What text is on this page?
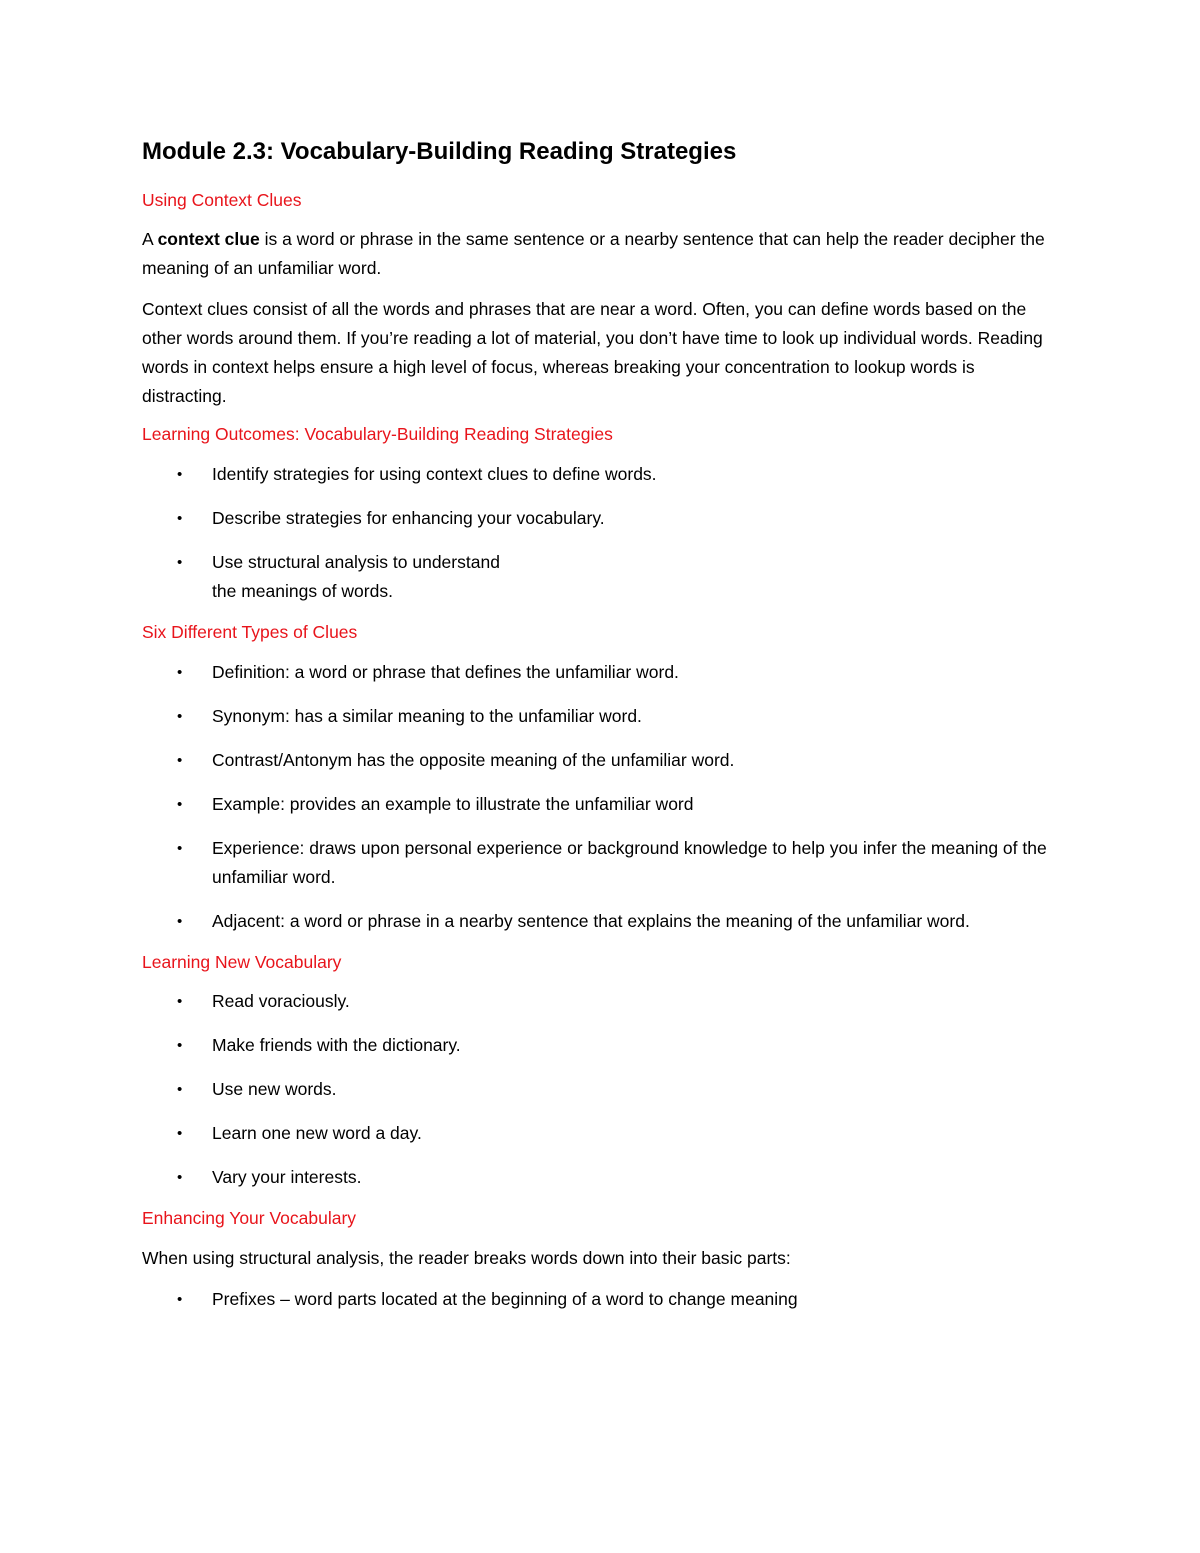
Module 2.3: Vocabulary-Building Reading Strategies
Using Context Clues

A context clue is a word or phrase in the same sentence or a nearby sentence that can help the reader decipher the meaning of an unfamiliar word.

Context clues consist of all the words and phrases that are near a word. Often, you can define words based on the other words around them. If you’re reading a lot of material, you don’t have time to look up individual words. Reading words in context helps ensure a high level of focus, whereas breaking your concentration to lookup words is distracting.

Learning Outcomes: Vocabulary-Building Reading Strategies
• Identify strategies for using context clues to define words.
• Describe strategies for enhancing your vocabulary.
• Use structural analysis to understand
the meanings of words.
Six Different Types of Clues
• Definition: a word or phrase that defines the unfamiliar word.
• Synonym: has a similar meaning to the unfamiliar word.
• Contrast/Antonym has the opposite meaning of the unfamiliar word.
• Example: provides an example to illustrate the unfamiliar word
• Experience: draws upon personal experience or background knowledge to help you infer the meaning of the unfamiliar word.
• Adjacent: a word or phrase in a nearby sentence that explains the meaning of the unfamiliar word.
Learning New Vocabulary
• Read voraciously.
• Make friends with the dictionary.
• Use new words.
• Learn one new word a day.
• Vary your interests.
Enhancing Your Vocabulary

When using structural analysis, the reader breaks words down into their basic parts:

• Prefixes – word parts located at the beginning of a word to change meaning
